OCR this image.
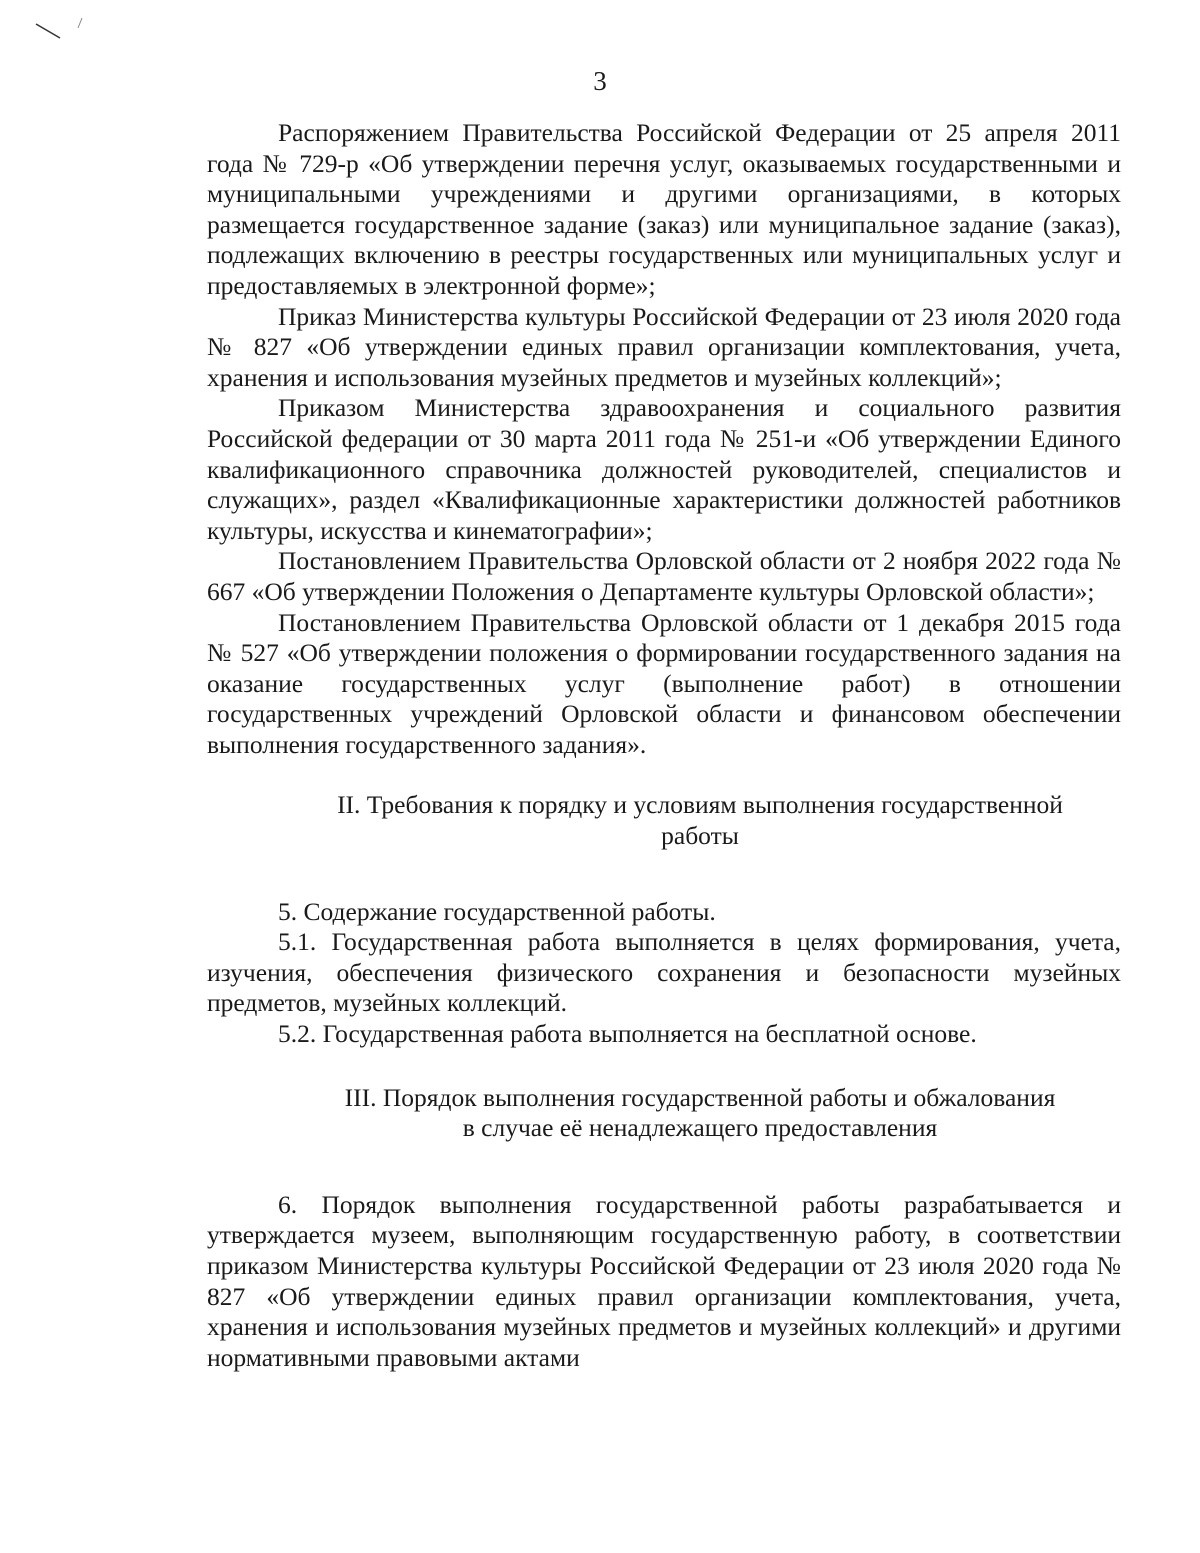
3

Распоряжением Правительства Российской Федерации от 25 апреля 2011 года № 729-р «Об утверждении перечня услуг, оказываемых государственными и муниципальными учреждениями и другими организациями, в которых размещается государственное задание (заказ) или муниципальное задание (заказ), подлежащих включению в реестры государственных или муниципальных услуг и предоставляемых в электронной форме»;

Приказ Министерства культуры Российской Федерации от 23 июля 2020 года № 827 «Об утверждении единых правил организации комплектования, учета, хранения и использования музейных предметов и музейных коллекций»;

Приказом Министерства здравоохранения и социального развития Российской федерации от 30 марта 2011 года № 251-и «Об утверждении Единого квалификационного справочника должностей руководителей, специалистов и служащих», раздел «Квалификационные характеристики должностей работников культуры, искусства и кинематографии»;

Постановлением Правительства Орловской области от 2 ноября 2022 года № 667 «Об утверждении Положения о Департаменте культуры Орловской области»;

Постановлением Правительства Орловской области от 1 декабря 2015 года № 527 «Об утверждении положения о формировании государственного задания на оказание государственных услуг (выполнение работ) в отношении государственных учреждений Орловской области и финансовом обеспечении выполнения государственного задания».

II. Требования к порядку и условиям выполнения государственной
работы

5. Содержание государственной работы.

5.1. Государственная работа выполняется в целях формирования, учета, изучения, обеспечения физического сохранения и безопасности музейных предметов, музейных коллекций.

5.2. Государственная работа выполняется на бесплатной основе.

III. Порядок выполнения государственной работы и обжалования
в случае её ненадлежащего предоставления

6. Порядок выполнения государственной работы разрабатывается и утверждается музеем, выполняющим государственную работу, в соответствии приказом Министерства культуры Российской Федерации от 23 июля 2020 года № 827 «Об утверждении единых правил организации комплектования, учета, хранения и использования музейных предметов и музейных коллекций» и другими нормативными правовыми актами
